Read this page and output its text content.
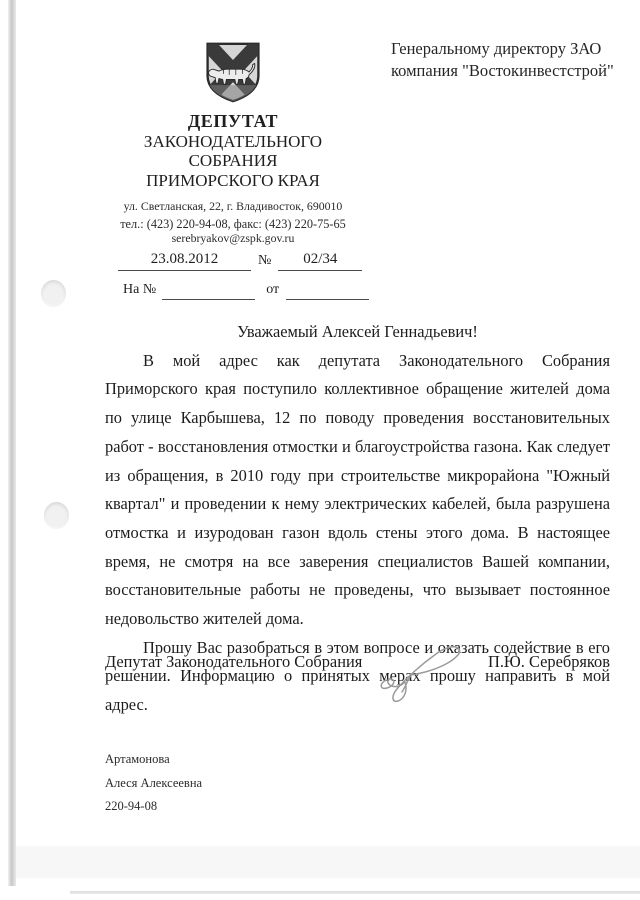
Генеральному директору ЗАО
компания "Востокинвестстрой"
ДЕПУТАТ
ЗАКОНОДАТЕЛЬНОГО
СОБРАНИЯ
ПРИМОРСКОГО КРАЯ
ул. Светланская, 22, г. Владивосток, 690010
тел.: (423) 220-94-08, факс: (423) 220-75-65
serebryakov@zspk.gov.ru
23.08.2012	№	02/34
На №	от
Уважаемый Алексей Геннадьевич!

В мой адрес как депутата Законодательного Собрания Приморского края поступило коллективное обращение жителей дома по улице Карбышева, 12 по поводу проведения восстановительных работ - восстановления отмостки и благоустройства газона. Как следует из обращения, в 2010 году при строительстве микрорайона "Южный квартал" и проведении к нему электрических кабелей, была разрушена отмостка и изуродован газон вдоль стены этого дома. В настоящее время, не смотря на все заверения специалистов Вашей компании, восстановительные работы не проведены, что вызывает постоянное недовольство жителей дома.

Прошу Вас разобраться в этом вопросе и оказать содействие в его решении. Информацию о принятых мерах прошу направить в мой адрес.

Депутат Законодательного Собрания	П.Ю. Серебряков
Артамонова
Алеся Алексеевна
220-94-08
